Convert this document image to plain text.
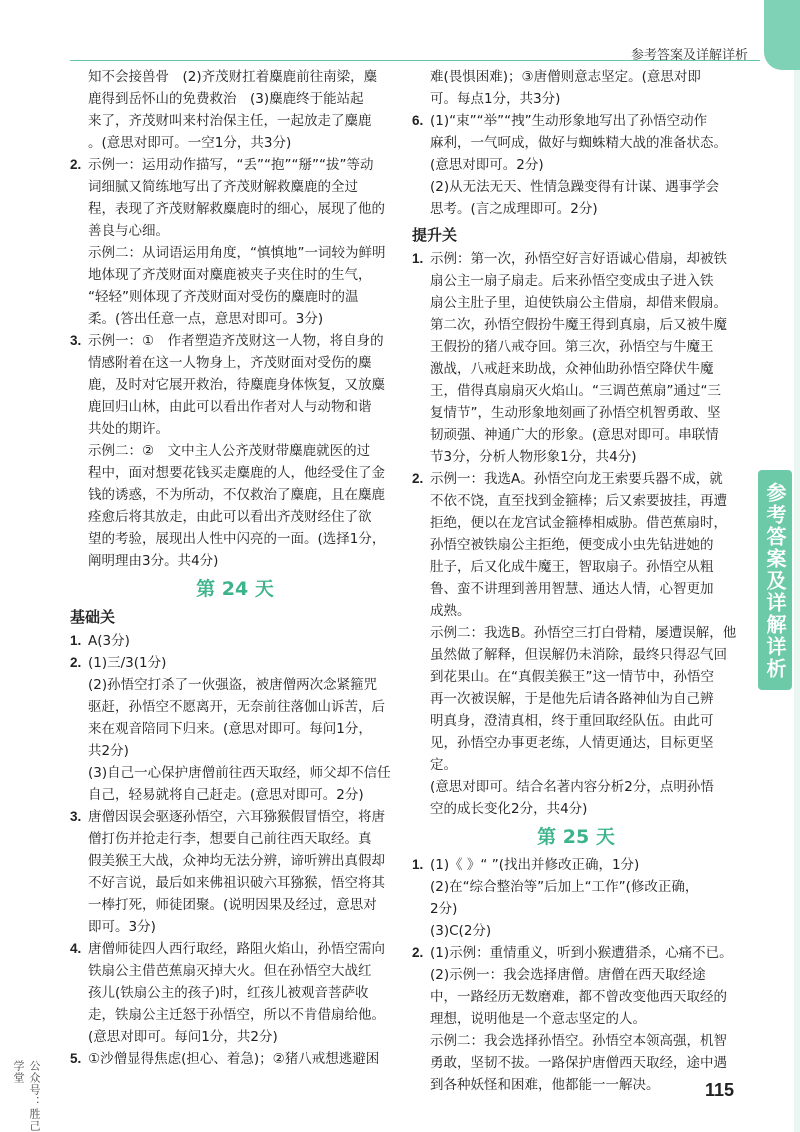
参考答案及详解详析
参考答案及详解详析
公众号：胜己学堂

知不会接兽骨　(2)齐茂财扛着麋鹿前往南梁，麋

鹿得到岳怀山的免费救治　(3)麋鹿终于能站起

来了，齐茂财叫来村治保主任，一起放走了麋鹿

。(意思对即可。一空1分，共3分)

2. 示例一：运用动作描写，“丢”“抱”“掰”“拔”等动

词细腻又简练地写出了齐茂财解救麋鹿的全过

程，表现了齐茂财解救麋鹿时的细心，展现了他的

善良与心细。

示例二：从词语运用角度，“慎慎地”一词较为鲜明

地体现了齐茂财面对麋鹿被夹子夹住时的生气，

“轻轻”则体现了齐茂财面对受伤的麋鹿时的温

柔。(答出任意一点，意思对即可。3分)

3. 示例一：①　作者塑造齐茂财这一人物，将自身的

情感附着在这一人物身上，齐茂财面对受伤的麋

鹿，及时对它展开救治，待麋鹿身体恢复，又放麋

鹿回归山林，由此可以看出作者对人与动物和谐

共处的期许。

示例二：②　文中主人公齐茂财带麋鹿就医的过

程中，面对想要花钱买走麋鹿的人，他经受住了金

钱的诱惑，不为所动，不仅救治了麋鹿，且在麋鹿

痊愈后将其放走，由此可以看出齐茂财经住了欲

望的考验，展现出人性中闪亮的一面。(选择1分，

阐明理由3分。共4分)

第 24 天
基础关

1. A(3分)

2. (1)三/3(1分)

(2)孙悟空打杀了一伙强盗，被唐僧两次念紧箍咒

驱赶，孙悟空不愿离开，无奈前往落伽山诉苦，后

来在观音陪同下归来。(意思对即可。每问1分，

共2分)

(3)自己一心保护唐僧前往西天取经，师父却不信任

自己，轻易就将自己赶走。(意思对即可。2分)

3. 唐僧因误会驱逐孙悟空，六耳猕猴假冒悟空，将唐

僧打伤并抢走行李，想要自己前往西天取经。真

假美猴王大战，众神均无法分辨，谛听辨出真假却

不好言说，最后如来佛祖识破六耳猕猴，悟空将其

一棒打死，师徒团聚。(说明因果及经过，意思对

即可。3分)

4. 唐僧师徒四人西行取经，路阻火焰山，孙悟空需向

铁扇公主借芭蕉扇灭掉大火。但在孙悟空大战红

孩儿(铁扇公主的孩子)时，红孩儿被观音菩萨收

走，铁扇公主迁怒于孙悟空，所以不肯借扇给他。

(意思对即可。每问1分，共2分)

5. ①沙僧显得焦虑(担心、着急)；②猪八戒想逃避困

难(畏惧困难)；③唐僧则意志坚定。(意思对即

可。每点1分，共3分)

6. (1)“束”“举”“拽”生动形象地写出了孙悟空动作

麻利，一气呵成，做好与蜘蛛精大战的准备状态。

(意思对即可。2分)

(2)从无法无天、性情急躁变得有计谋、遇事学会

思考。(言之成理即可。2分)

提升关

1. 示例：第一次，孙悟空好言好语诚心借扇，却被铁

扇公主一扇子扇走。后来孙悟空变成虫子进入铁

扇公主肚子里，迫使铁扇公主借扇，却借来假扇。

第二次，孙悟空假扮牛魔王得到真扇，后又被牛魔

王假扮的猪八戒夺回。第三次，孙悟空与牛魔王

激战，八戒赶来助战，众神仙助孙悟空降伏牛魔

王，借得真扇扇灭火焰山。“三调芭蕉扇”通过“三

复情节”，生动形象地刻画了孙悟空机智勇敢、坚

韧顽强、神通广大的形象。(意思对即可。串联情

节3分，分析人物形象1分，共4分)

2. 示例一：我选A。孙悟空向龙王索要兵器不成，就

不依不饶，直至找到金箍棒；后又索要披挂，再遭

拒绝，便以在龙宫试金箍棒相威胁。借芭蕉扇时，

孙悟空被铁扇公主拒绝，便变成小虫先钻进她的

肚子，后又化成牛魔王，智取扇子。孙悟空从粗

鲁、蛮不讲理到善用智慧、通达人情，心智更加

成熟。

示例二：我选B。孙悟空三打白骨精，屡遭误解，他

虽然做了解释，但误解仍未消除，最终只得忍气回

到花果山。在“真假美猴王”这一情节中，孙悟空

再一次被误解，于是他先后请各路神仙为自己辨

明真身，澄清真相，终于重回取经队伍。由此可

见，孙悟空办事更老练，人情更通达，目标更坚定。

(意思对即可。结合名著内容分析2分，点明孙悟

空的成长变化2分，共4分)

第 25 天

1. (1)《 》“ ”(找出并修改正确，1分)

(2)在“综合整治等”后加上“工作”(修改正确，

2分)

(3)C(2分)

2. (1)示例：重情重义，听到小猴遭猎杀，心痛不已。

(2)示例一：我会选择唐僧。唐僧在西天取经途

中，一路经历无数磨难，都不曾改变他西天取经的

理想，说明他是一个意志坚定的人。

示例二：我会选择孙悟空。孙悟空本领高强，机智

勇敢，坚韧不拔。一路保护唐僧西天取经，途中遇

到各种妖怪和困难，他都能一一解决。	115
